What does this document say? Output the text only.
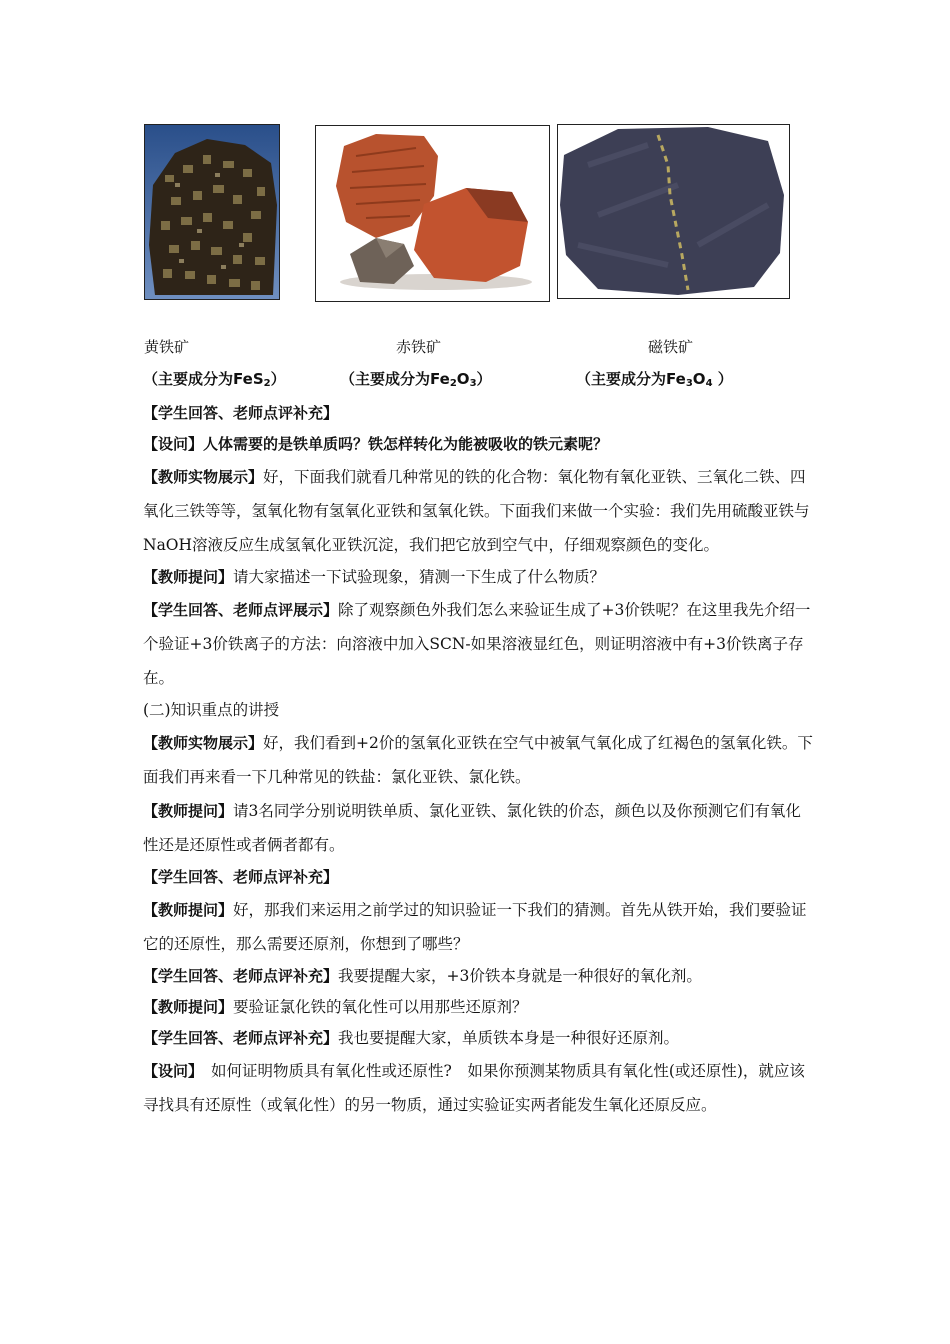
黄铁矿	赤铁矿	磁铁矿
（主要成分为FeS$_2$）	（主要成分为$Fe_2O_3$）	（主要成分为$Fe_3O_4$ ）

【学生回答、老师点评补充】

【设问】人体需要的是铁单质吗？铁怎样转化为能被吸收的铁元素呢？

【教师实物展示】好，下面我们就看几种常见的铁的化合物：氧化物有氧化亚铁、三氧化二铁、四氧化三铁等等，氢氧化物有氢氧化亚铁和氢氧化铁。下面我们来做一个实验：我们先用硫酸亚铁与NaOH溶液反应生成氢氧化亚铁沉淀，我们把它放到空气中，仔细观察颜色的变化。

【教师提问】请大家描述一下试验现象，猜测一下生成了什么物质？

【学生回答、老师点评展示】除了观察颜色外我们怎么来验证生成了+3价铁呢？在这里我先介绍一个验证+3价铁离子的方法：向溶液中加入SCN-如果溶液显红色，则证明溶液中有+3价铁离子存在。

(二)知识重点的讲授

【教师实物展示】好，我们看到+2价的氢氧化亚铁在空气中被氧气氧化成了红褐色的氢氧化铁。下面我们再来看一下几种常见的铁盐：氯化亚铁、氯化铁。

【教师提问】请3名同学分别说明铁单质、氯化亚铁、氯化铁的价态，颜色以及你预测它们有氧化性还是还原性或者俩者都有。

【学生回答、老师点评补充】

【教师提问】好，那我们来运用之前学过的知识验证一下我们的猜测。首先从铁开始，我们要验证它的还原性，那么需要还原剂，你想到了哪些？

【学生回答、老师点评补充】我要提醒大家，+3价铁本身就是一种很好的氧化剂。

【教师提问】要验证氯化铁的氧化性可以用那些还原剂？

【学生回答、老师点评补充】我也要提醒大家，单质铁本身是一种很好还原剂。

【设问】　如何证明物质具有氧化性或还原性?　如果你预测某物质具有氧化性(或还原性)，就应该寻找具有还原性（或氧化性）的另一物质，通过实验证实两者能发生氧化还原反应。
